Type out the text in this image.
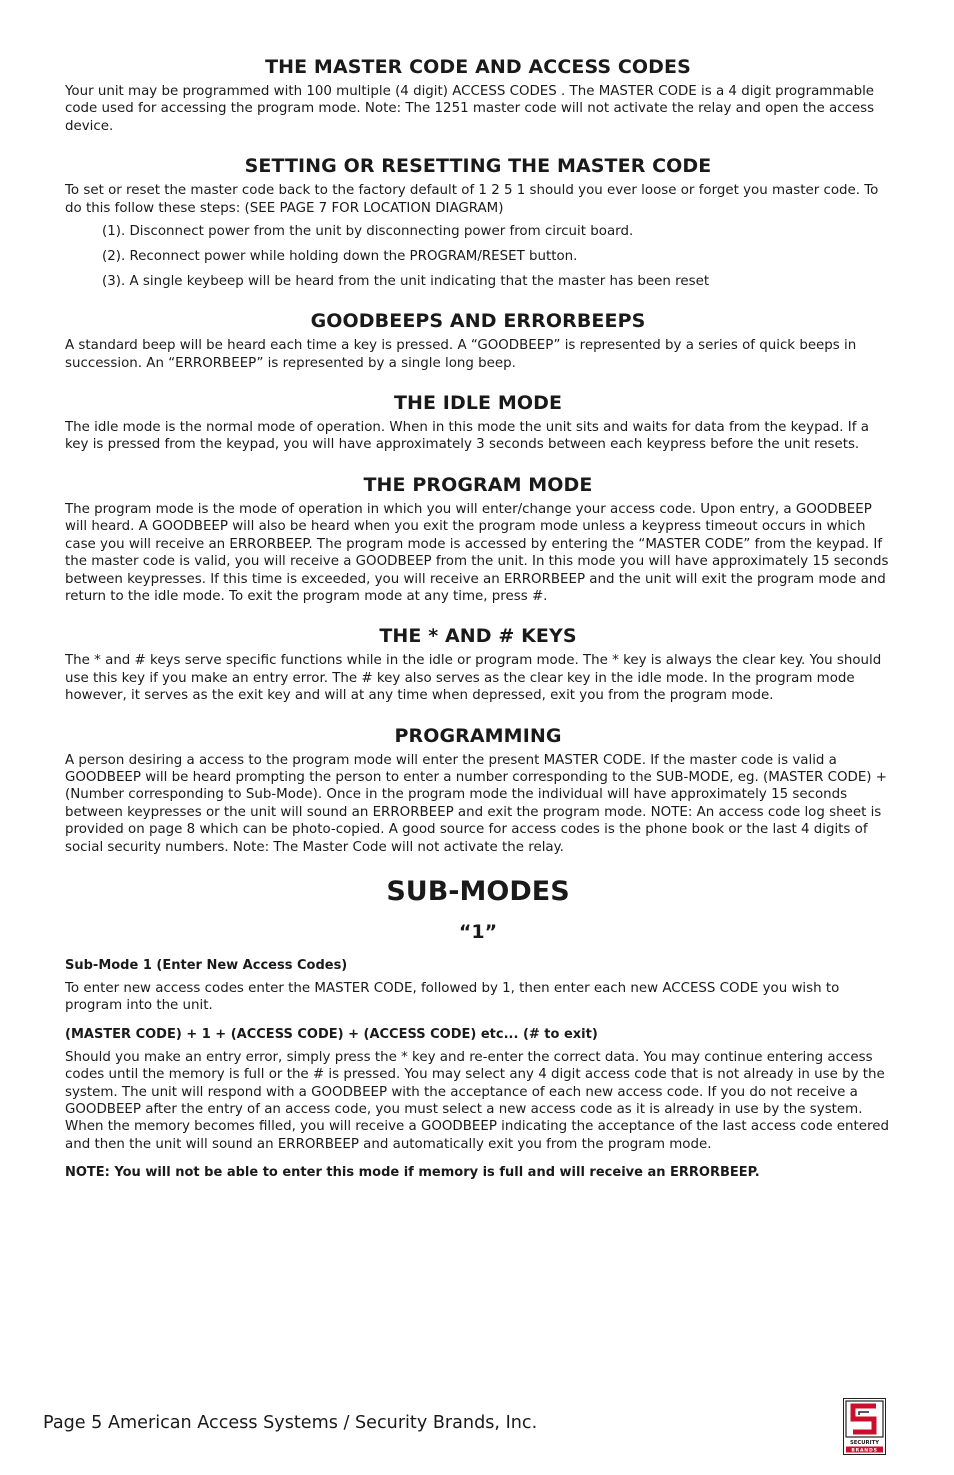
THE MASTER CODE AND ACCESS CODES

Your unit may be programmed with 100 multiple (4 digit) ACCESS CODES . The MASTER CODE is a 4 digit programmable code used for accessing the program mode. Note: The 1251 master code will not activate the relay and open the access device.

SETTING OR RESETTING THE MASTER CODE

To set or reset the master code back to the factory default of 1 2 5 1 should you ever loose or forget you master code. To do this follow these steps: (SEE PAGE 7 FOR LOCATION DIAGRAM)

(1). Disconnect power from the unit by disconnecting power from circuit board.

(2). Reconnect power while holding down the PROGRAM/RESET button.

(3). A single keybeep will be heard from the unit indicating that the master has been reset

GOODBEEPS AND ERRORBEEPS

A standard beep will be heard each time a key is pressed. A “GOODBEEP” is represented by a series of quick beeps in succession. An “ERRORBEEP” is represented by a single long beep.

THE IDLE MODE

The idle mode is the normal mode of operation. When in this mode the unit sits and waits for data from the keypad. If a key is pressed from the keypad, you will have approximately 3 seconds between each keypress before the unit resets.

THE PROGRAM MODE

The program mode is the mode of operation in which you will enter/change your access code. Upon entry, a GOODBEEP will heard. A GOODBEEP will also be heard when you exit the program mode unless a keypress timeout occurs in which case you will receive an ERRORBEEP. The program mode is accessed by entering the “MASTER CODE” from the keypad. If the master code is valid, you will receive a GOODBEEP from the unit. In this mode you will have approximately 15 seconds between keypresses. If this time is exceeded, you will receive an ERRORBEEP and the unit will exit the program mode and return to the idle mode. To exit the program mode at any time, press #.

THE * AND # KEYS

The * and # keys serve specific functions while in the idle or program mode. The * key is always the clear key. You should use this key if you make an entry error. The # key also serves as the clear key in the idle mode. In the program mode however, it serves as the exit key and will at any time when depressed, exit you from the program mode.

PROGRAMMING

A person desiring a access to the program mode will enter the present MASTER CODE. If the master code is valid a GOODBEEP will be heard prompting the person to enter a number corresponding to the SUB-MODE, eg. (MASTER CODE) + (Number corresponding to Sub-Mode). Once in the program mode the individual will have approximately 15 seconds between keypresses or the unit will sound an ERRORBEEP and exit the program mode. NOTE: An access code log sheet is provided on page 8 which can be photo-copied. A good source for access codes is the phone book or the last 4 digits of social security numbers. Note: The Master Code will not activate the relay.

SUB-MODES
“1”

Sub-Mode 1 (Enter New Access Codes)

To enter new access codes enter the MASTER CODE, followed by 1, then enter each new ACCESS CODE you wish to program into the unit.

(MASTER CODE) + 1 + (ACCESS CODE) + (ACCESS CODE) etc... (# to exit)

Should you make an entry error, simply press the * key and re-enter the correct data. You may continue entering access codes until the memory is full or the # is pressed. You may select any 4 digit access code that is not already in use by the system. The unit will respond with a GOODBEEP with the acceptance of each new access code. If you do not receive a GOODBEEP after the entry of an access code, you must select a new access code as it is already in use by the system. When the memory becomes filled, you will receive a GOODBEEP indicating the acceptance of the last access code entered and then the unit will sound an ERRORBEEP and automatically exit you from the program mode.

NOTE: You will not be able to enter this mode if memory is full and will receive an ERRORBEEP.

Page 5 American Access Systems / Security Brands, Inc.
SECURITY
BRANDS
